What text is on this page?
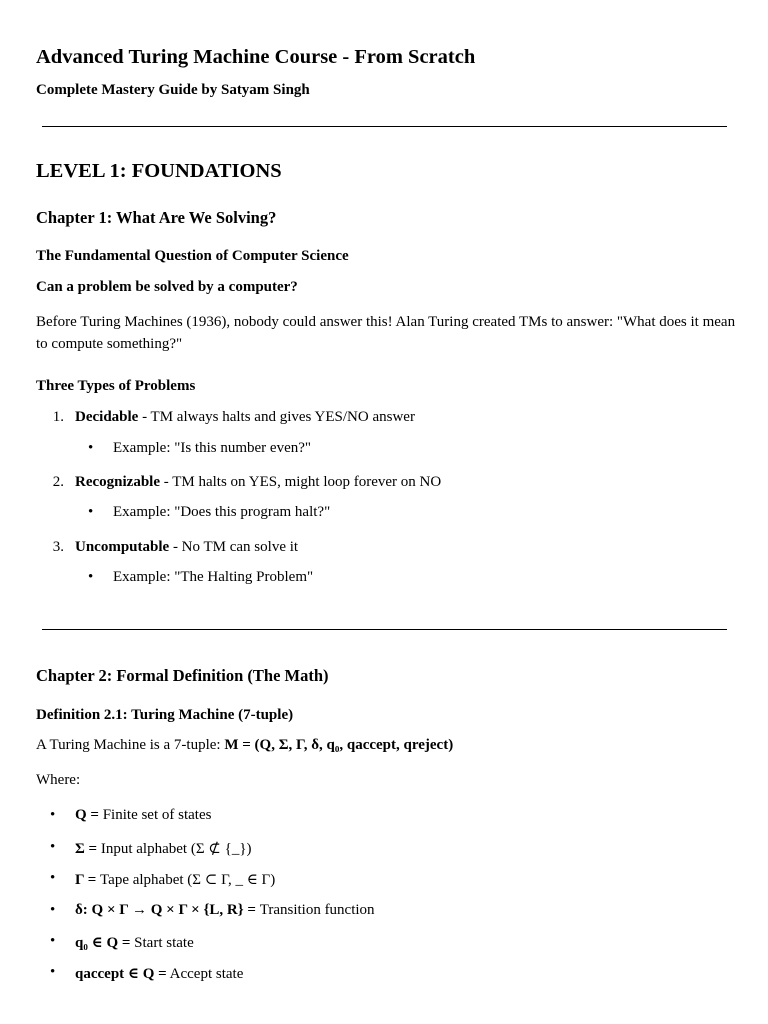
Advanced Turing Machine Course - From Scratch
Complete Mastery Guide by Satyam Singh
LEVEL 1: FOUNDATIONS
Chapter 1: What Are We Solving?
The Fundamental Question of Computer Science
Can a problem be solved by a computer?

Before Turing Machines (1936), nobody could answer this! Alan Turing created TMs to answer: "What does it mean to compute something?"

Three Types of Problems
1. Decidable - TM always halts and gives YES/NO answer
• Example: "Is this number even?"
2. Recognizable - TM halts on YES, might loop forever on NO
• Example: "Does this program halt?"
3. Uncomputable - No TM can solve it
• Example: "The Halting Problem"
Chapter 2: Formal Definition (The Math)
Definition 2.1: Turing Machine (7-tuple)
A Turing Machine is a 7-tuple: M = (Q, Σ, Γ, δ, q₀, qaccept, qreject)
Where:
• Q = Finite set of states
• Σ = Input alphabet (Σ ⊄ {_})
• Γ = Tape alphabet (Σ ⊂ Γ, _ ∈ Γ)
• δ: Q × Γ → Q × Γ × {L, R} = Transition function
• q₀ ∈ Q = Start state
• qaccept ∈ Q = Accept state
